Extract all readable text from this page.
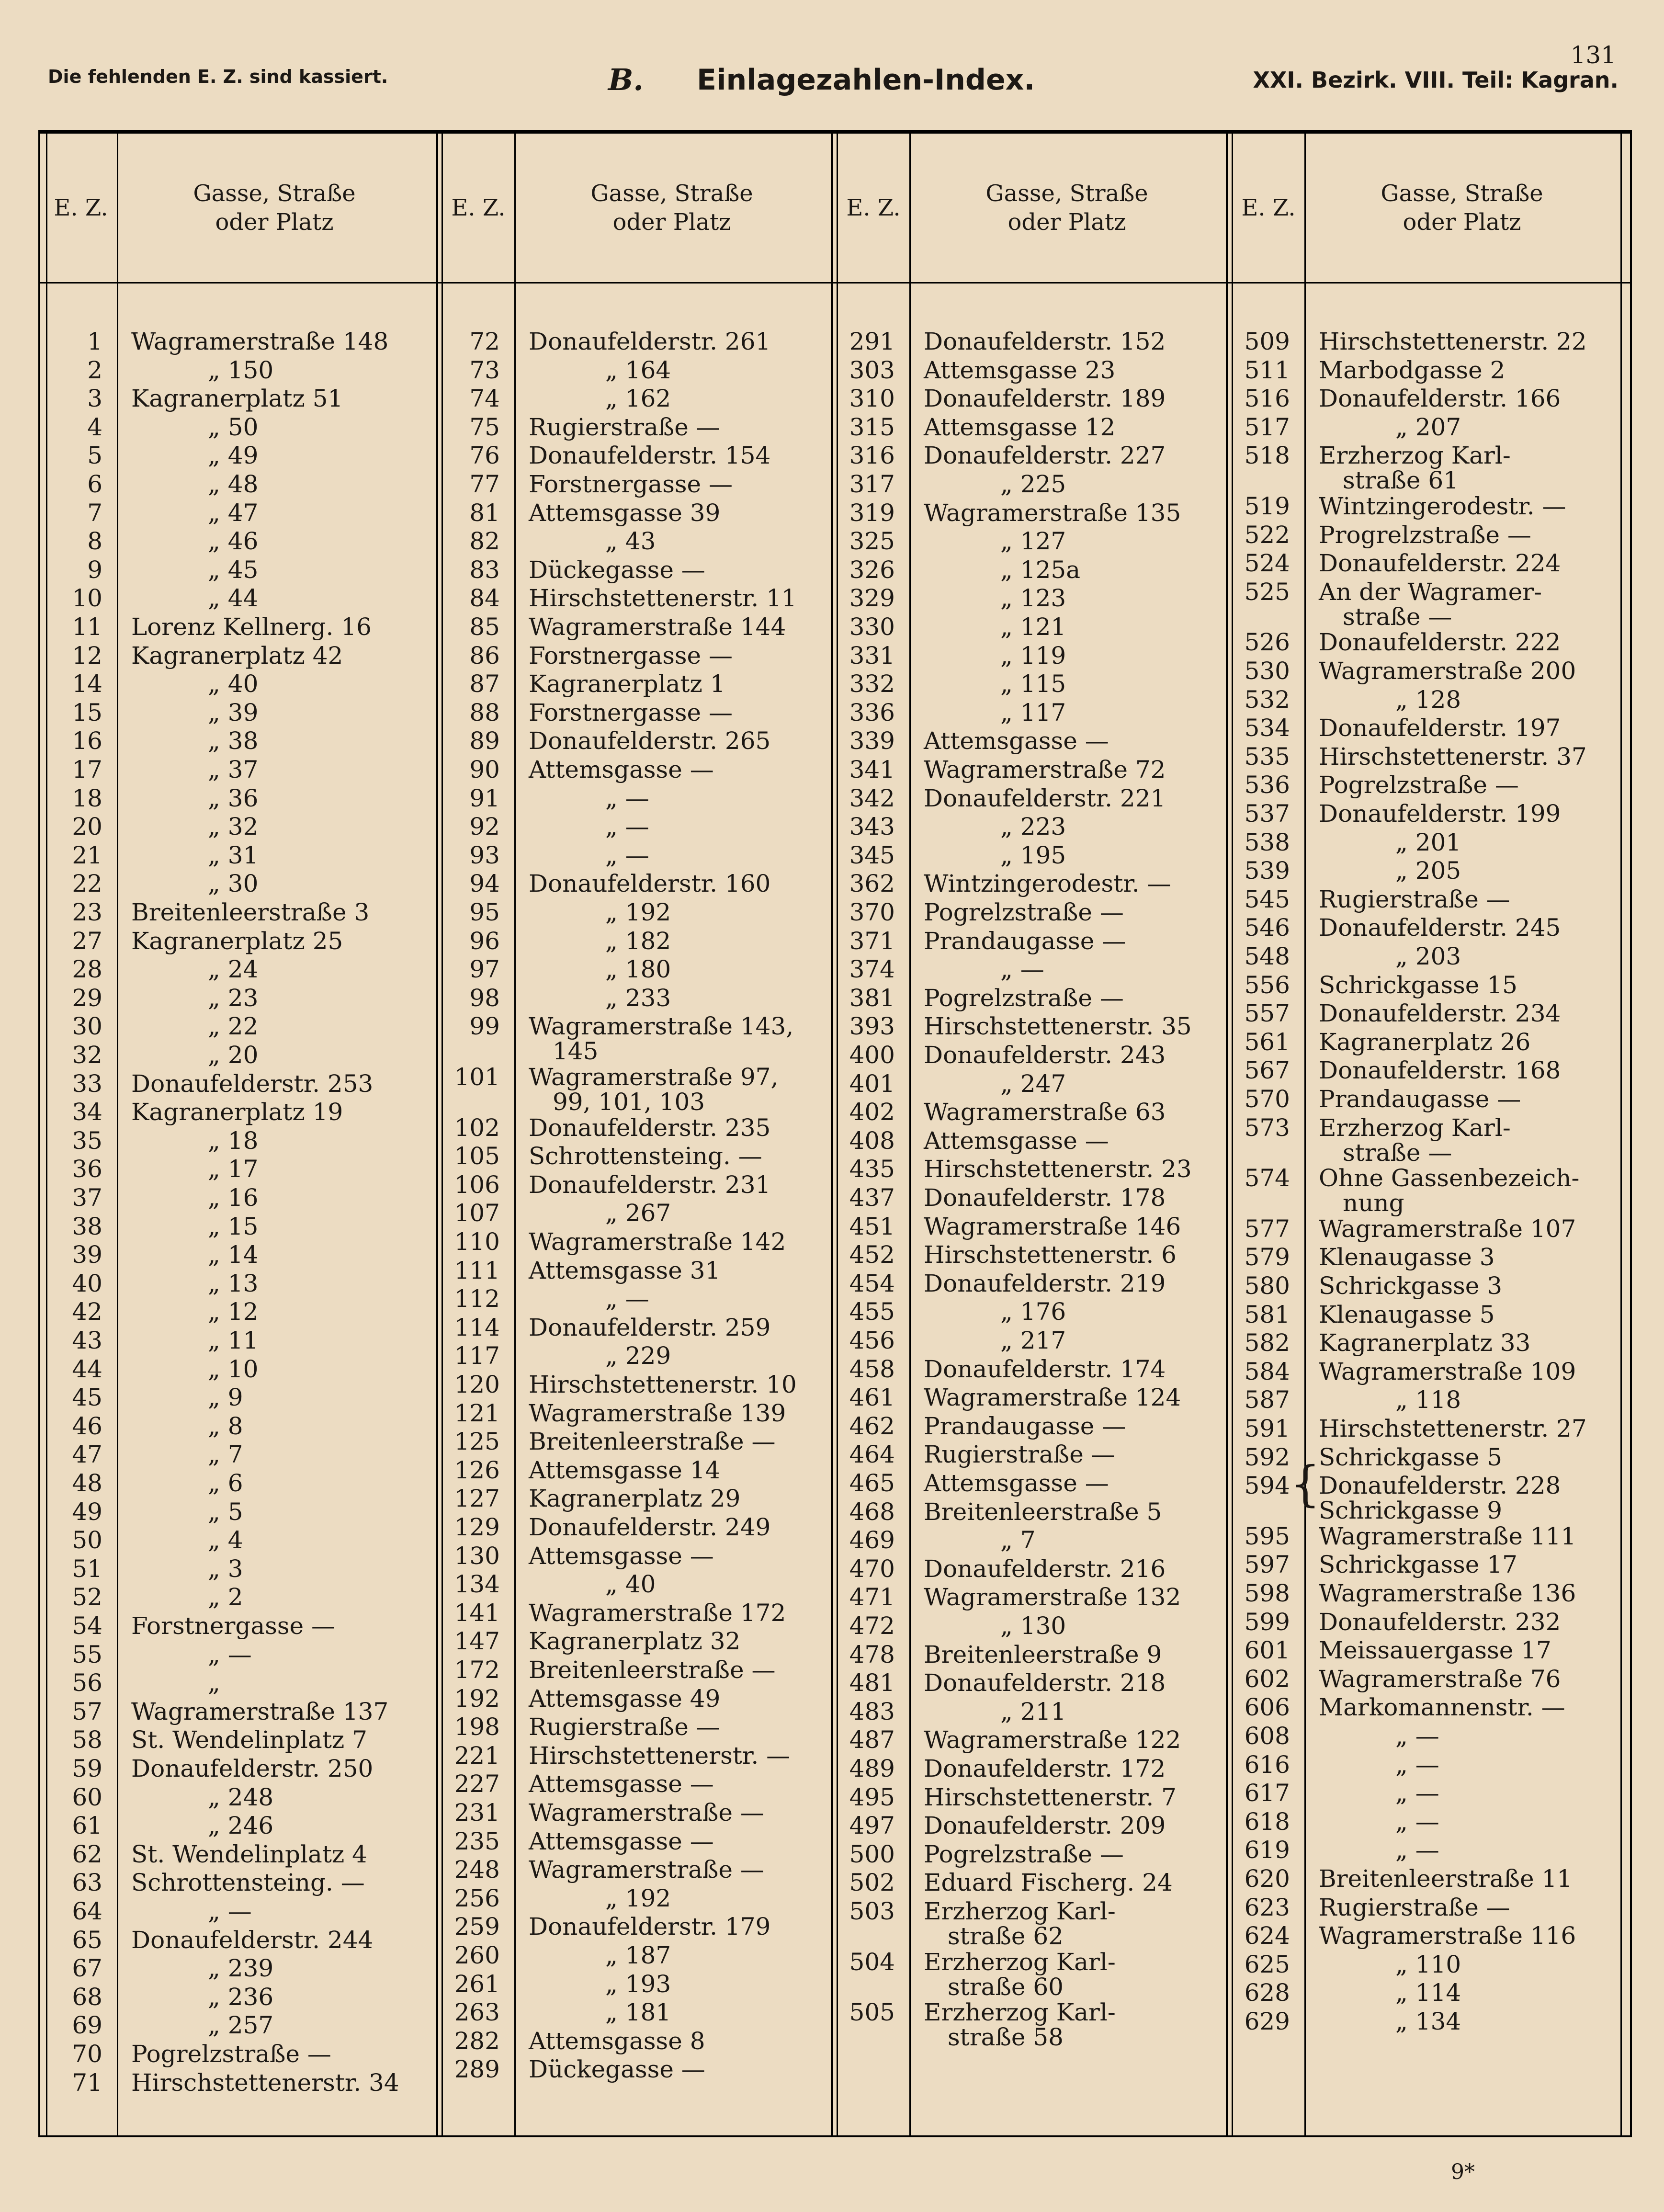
131
Die fehlenden E. Z. sind kassiert.	B. Einlagezahlen-Index.	XXI. Bezirk. VIII. Teil: Kagran.
E. Z.
Gasse, Straße
oder Platz
E. Z.
Gasse, Straße
oder Platz
E. Z.
Gasse, Straße
oder Platz
E. Z.
Gasse, Straße
oder Platz
1 Wagramerstraße 148
2	„ 150
3 Kagranerplatz 51
4	„ 50
5	„ 49
6	„ 48
7	„ 47
8	„ 46
9	„ 45
10	„ 44
11 Lorenz Kellnerg. 16
12 Kagranerplatz 42
14	„ 40
15	„ 39
16	„ 38
17	„ 37
18	„ 36
20	„ 32
21	„ 31
22	„ 30
23 Breitenleerstraße 3
27 Kagranerplatz 25
28	„ 24
29	„ 23
30	„ 22
32	„ 20
33 Donaufelderstr. 253
34 Kagranerplatz 19
35	„ 18
36	„ 17
37	„ 16
38	„ 15
39	„ 14
40	„ 13
42	„ 12
43	„ 11
44	„ 10
45	„ 9
46	„ 8
47	„ 7
48	„ 6
49	„ 5
50	„ 4
51	„ 3
52	„ 2
54 Forstnergasse —
55	„ —
56	„
57 Wagramerstraße 137
58 St. Wendelinplatz 7
59 Donaufelderstr. 250
60	„ 248
61	„ 246
62 St. Wendelinplatz 4
63 Schrottensteing. —
64	„ —
65 Donaufelderstr. 244
67	„ 239
68	„ 236
69	„ 257
70 Pogrelzstraße —
71 Hirschstettenerstr. 34
72 Donaufelderstr. 261
73	„ 164
74	„ 162
75 Rugierstraße —
76 Donaufelderstr. 154
77 Forstnergasse —
81 Attemsgasse 39
82	„ 43
83 Dückegasse —
84 Hirschstettenerstr. 11
85 Wagramerstraße 144
86 Forstnergasse —
87 Kagranerplatz 1
88 Forstnergasse —
89 Donaufelderstr. 265
90 Attemsgasse —
91	„ —
92	„ —
93	„ —
94 Donaufelderstr. 160
95	„ 192
96	„ 182
97	„ 180
98	„ 233
99 Wagramerstraße 143,
145
101 Wagramerstraße 97,
99, 101, 103
102 Donaufelderstr. 235
105 Schrottensteing. —
106 Donaufelderstr. 231
107	„ 267
110 Wagramerstraße 142
111 Attemsgasse 31
112	„ —
114 Donaufelderstr. 259
117	„ 229
120 Hirschstettenerstr. 10
121 Wagramerstraße 139
125 Breitenleerstraße —
126 Attemsgasse 14
127 Kagranerplatz 29
129 Donaufelderstr. 249
130 Attemsgasse —
134	„ 40
141 Wagramerstraße 172
147 Kagranerplatz 32
172 Breitenleerstraße —
192 Attemsgasse 49
198 Rugierstraße —
221 Hirschstettenerstr. —
227 Attemsgasse —
231 Wagramerstraße —
235 Attemsgasse —
248 Wagramerstraße —
256	„ 192
259 Donaufelderstr. 179
260	„ 187
261	„ 193
263	„ 181
282 Attemsgasse 8
289 Dückegasse —
291 Donaufelderstr. 152
303 Attemsgasse 23
310 Donaufelderstr. 189
315 Attemsgasse 12
316 Donaufelderstr. 227
317	„ 225
319 Wagramerstraße 135
325	„ 127
326	„ 125a
329	„ 123
330	„ 121
331	„ 119
332	„ 115
336	„ 117
339 Attemsgasse —
341 Wagramerstraße 72
342 Donaufelderstr. 221
343	„ 223
345	„ 195
362 Wintzingerodestr. —
370 Pogrelzstraße —
371 Prandaugasse —
374	„ —
381 Pogrelzstraße —
393 Hirschstettenerstr. 35
400 Donaufelderstr. 243
401	„ 247
402 Wagramerstraße 63
408 Attemsgasse —
435 Hirschstettenerstr. 23
437 Donaufelderstr. 178
451 Wagramerstraße 146
452 Hirschstettenerstr. 6
454 Donaufelderstr. 219
455	„ 176
456	„ 217
458 Donaufelderstr. 174
461 Wagramerstraße 124
462 Prandaugasse —
464 Rugierstraße —
465 Attemsgasse —
468 Breitenleerstraße 5
469	„ 7
470 Donaufelderstr. 216
471 Wagramerstraße 132
472	„ 130
478 Breitenleerstraße 9
481 Donaufelderstr. 218
483	„ 211
487 Wagramerstraße 122
489 Donaufelderstr. 172
495 Hirschstettenerstr. 7
497 Donaufelderstr. 209
500 Pogrelzstraße —
502 Eduard Fischerg. 24
503 Erzherzog Karl-
straße 62
504 Erzherzog Karl-
straße 60
505 Erzherzog Karl-
straße 58
509 Hirschstettenerstr. 22
511 Marbodgasse 2
516 Donaufelderstr. 166
517	„ 207
518 Erzherzog Karl-
straße 61
519 Wintzingerodestr. —
522 Progrelzstraße —
524 Donaufelderstr. 224
525 An der Wagramer-
straße —
526 Donaufelderstr. 222
530 Wagramerstraße 200
532	„ 128
534 Donaufelderstr. 197
535 Hirschstettenerstr. 37
536 Pogrelzstraße —
537 Donaufelderstr. 199
538	„ 201
539	„ 205
545 Rugierstraße —
546 Donaufelderstr. 245
548	„ 203
556 Schrickgasse 15
557 Donaufelderstr. 234
561 Kagranerplatz 26
567 Donaufelderstr. 168
570 Prandaugasse —
573 Erzherzog Karl-
straße —
574 Ohne Gassenbezeich-
nung
577 Wagramerstraße 107
579 Klenaugasse 3
580 Schrickgasse 3
581 Klenaugasse 5
582 Kagranerplatz 33
584 Wagramerstraße 109
587	„ 118
591 Hirschstettenerstr. 27
592 Schrickgasse 5
594 {
Donaufelderstr. 228
Schrickgasse 9
595 Wagramerstraße 111
597 Schrickgasse 17
598 Wagramerstraße 136
599 Donaufelderstr. 232
601 Meissauergasse 17
602 Wagramerstraße 76
606 Markomannenstr. —
608	„ —
616	„ —
617	„ —
618	„ —
619	„ —
620 Breitenleerstraße 11
623 Rugierstraße —
624 Wagramerstraße 116
625	„ 110
628	„ 114
629	„ 134
9*
